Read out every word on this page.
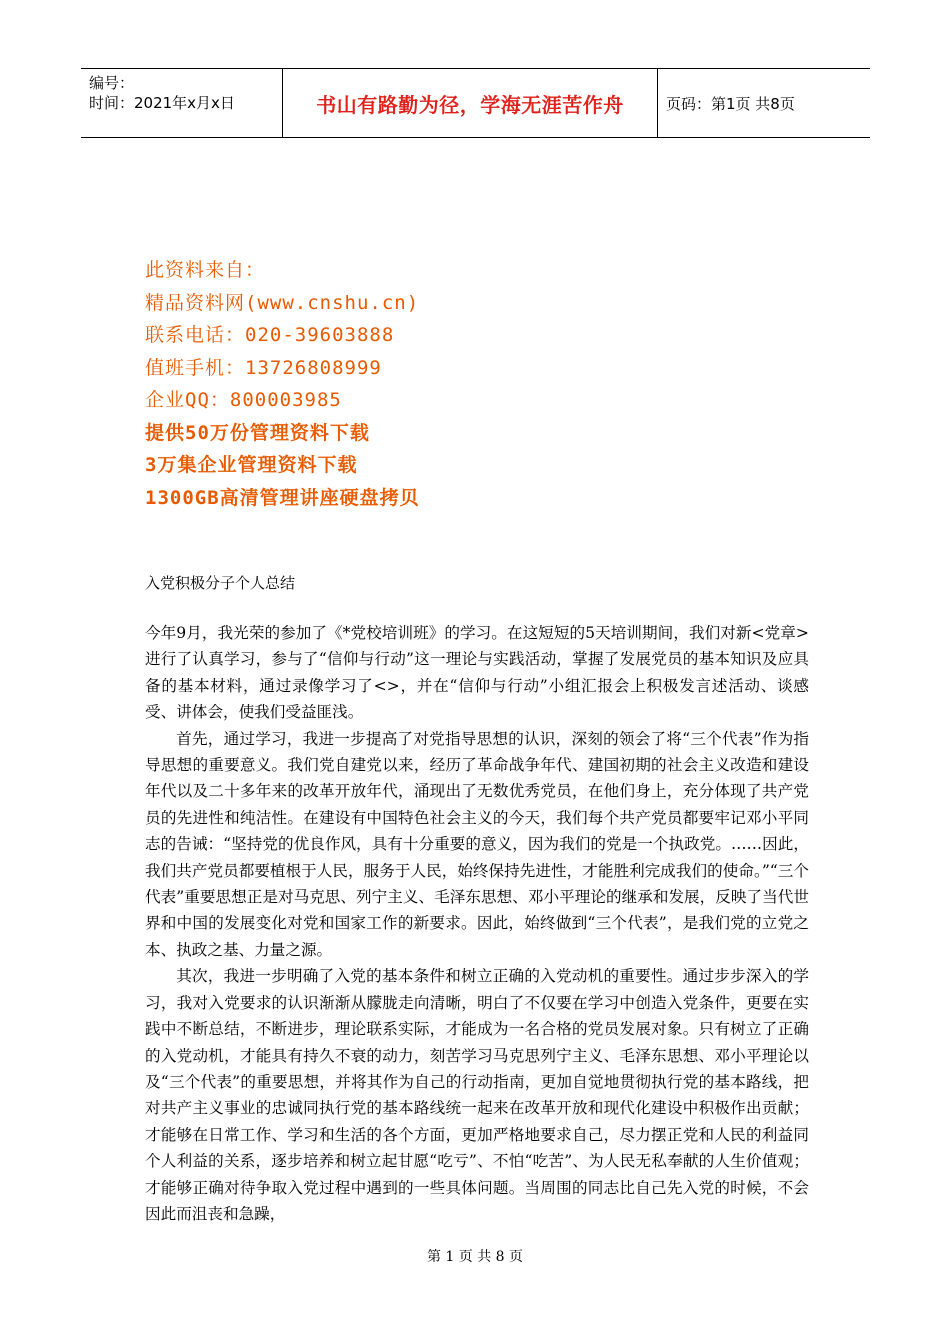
编号：
时间：2021年x月x日	书山有路勤为径，学海无涯苦作舟	页码：第1页 共8页
此资料来自：
精品资料网(www.cnshu.cn)
联系电话：020-39603888
值班手机：13726808999
企业QQ：800003985
提供50万份管理资料下载
3万集企业管理资料下载
1300GB高清管理讲座硬盘拷贝
入党积极分子个人总结

今年9月，我光荣的参加了《*党校培训班》的学习。在这短短的5天培训期间，我们对新<党章>进行了认真学习，参与了“信仰与行动”这一理论与实践活动，掌握了发展党员的基本知识及应具备的基本材料，通过录像学习了<>，并在“信仰与行动”小组汇报会上积极发言述活动、谈感受、讲体会，使我们受益匪浅。

首先，通过学习，我进一步提高了对党指导思想的认识，深刻的领会了将“三个代表”作为指导思想的重要意义。我们党自建党以来，经历了革命战争年代、建国初期的社会主义改造和建设年代以及二十多年来的改革开放年代，涌现出了无数优秀党员，在他们身上，充分体现了共产党员的先进性和纯洁性。在建设有中国特色社会主义的今天，我们每个共产党员都要牢记邓小平同志的告诫：“坚持党的优良作风，具有十分重要的意义，因为我们的党是一个执政党。……因此，我们共产党员都要植根于人民，服务于人民，始终保持先进性，才能胜利完成我们的使命。”“三个代表”重要思想正是对马克思、列宁主义、毛泽东思想、邓小平理论的继承和发展，反映了当代世界和中国的发展变化对党和国家工作的新要求。因此，始终做到“三个代表”，是我们党的立党之本、执政之基、力量之源。

其次，我进一步明确了入党的基本条件和树立正确的入党动机的重要性。通过步步深入的学习，我对入党要求的认识渐渐从朦胧走向清晰，明白了不仅要在学习中创造入党条件，更要在实践中不断总结，不断进步，理论联系实际，才能成为一名合格的党员发展对象。只有树立了正确的入党动机，才能具有持久不衰的动力，刻苦学习马克思列宁主义、毛泽东思想、邓小平理论以及“三个代表”的重要思想，并将其作为自己的行动指南，更加自觉地贯彻执行党的基本路线，把对共产主义事业的忠诚同执行党的基本路线统一起来在改革开放和现代化建设中积极作出贡献；才能够在日常工作、学习和生活的各个方面，更加严格地要求自己，尽力摆正党和人民的利益同个人利益的关系，逐步培养和树立起甘愿“吃亏”、不怕“吃苦”、为人民无私奉献的人生价值观；才能够正确对待争取入党过程中遇到的一些具体问题。当周围的同志比自己先入党的时候，不会因此而沮丧和急躁，

第 1 页 共 8 页
